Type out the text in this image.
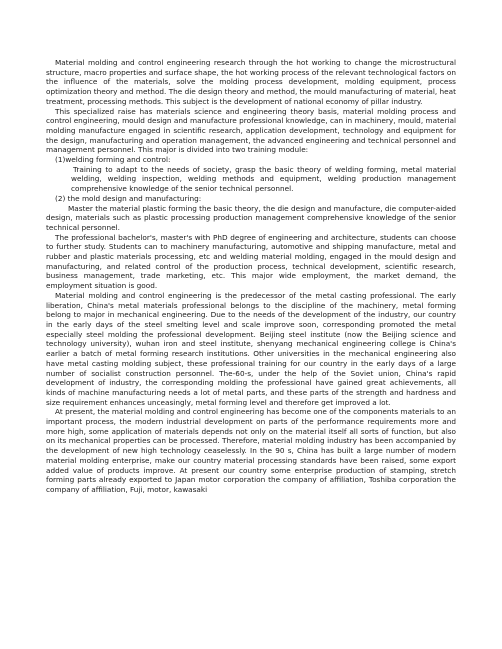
Material molding and control engineering research through the hot working to change the microstructural structure, macro properties and surface shape, the hot working process of the relevant technological factors on the influence of the materials, solve the molding process development, molding equipment, process optimization theory and method. The die design theory and method, the mould manufacturing of material, heat treatment, processing methods. This subject is the development of national economy of pillar industry.

This specialized raise has materials science and engineering theory basis, material molding process and control engineering, mould design and manufacture professional knowledge, can in machinery, mould, material molding manufacture engaged in scientific research, application development, technology and equipment for the design, manufacturing and operation management, the advanced engineering and technical personnel and management personnel. This major is divided into two training module:

(1)welding forming and control:

Training to adapt to the needs of society, grasp the basic theory of welding forming, metal material welding, welding inspection, welding methods and equipment, welding production management comprehensive knowledge of the senior technical personnel.

(2) the mold design and manufacturing:

Master the material plastic forming the basic theory, the die design and manufacture, die computer-aided design, materials such as plastic processing production management comprehensive knowledge of the senior technical personnel.

The professional bachelor's, master's with PhD degree of engineering and architecture, students can choose to further study. Students can to machinery manufacturing, automotive and shipping manufacture, metal and rubber and plastic materials processing, etc and welding material molding, engaged in the mould design and manufacturing, and related control of the production process, technical development, scientific research, business management, trade marketing, etc. This major wide employment, the market demand, the employment situation is good.

Material molding and control engineering is the predecessor of the metal casting professional. The early liberation, China's metal materials professional belongs to the discipline of the machinery, metal forming belong to major in mechanical engineering. Due to the needs of the development of the industry, our country in the early days of the steel smelting level and scale improve soon, corresponding promoted the metal especially steel molding the professional development. Beijing steel institute (now the Beijing science and technology university), wuhan iron and steel institute, shenyang mechanical engineering college is China's earlier a batch of metal forming research institutions. Other universities in the mechanical engineering also have metal casting molding subject, these professional training for our country in the early days of a large number of socialist construction personnel. The-60-s, under the help of the Soviet union, China's rapid development of industry, the corresponding molding the professional have gained great achievements, all kinds of machine manufacturing needs a lot of metal parts, and these parts of the strength and hardness and size requirement enhances unceasingly, metal forming level and therefore get improved a lot.

At present, the material molding and control engineering has become one of the components materials to an important process, the modern industrial development on parts of the performance requirements more and more high, some application of materials depends not only on the material itself all sorts of function, but also on its mechanical properties can be processed. Therefore, material molding industry has been accompanied by the development of new high technology ceaselessly. In the 90 s, China has built a large number of modern material molding enterprise, make our country material processing standards have been raised, some export added value of products improve. At present our country some enterprise production of stamping, stretch forming parts already exported to Japan motor corporation the company of affiliation, Toshiba corporation the company of affiliation, Fuji, motor, kawasaki
